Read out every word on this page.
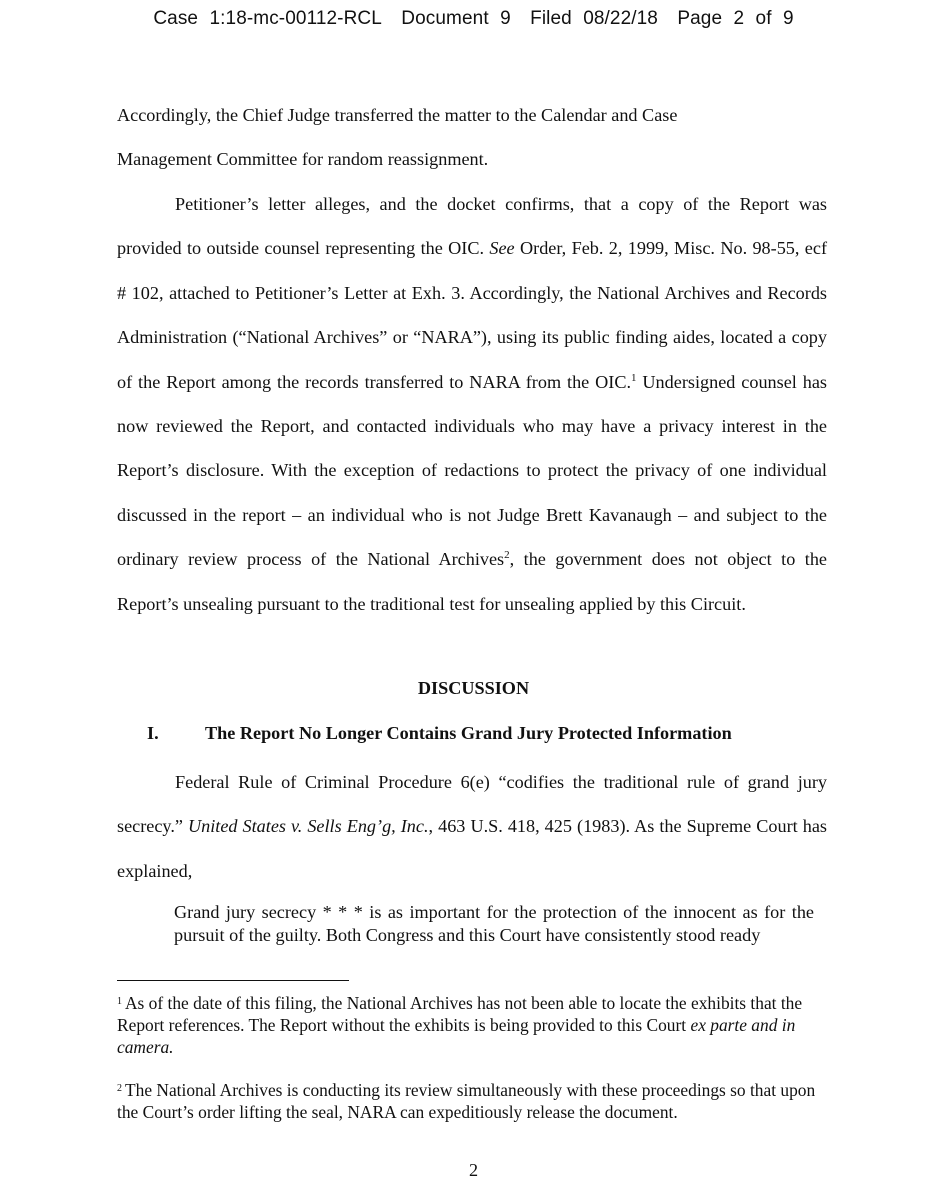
Case 1:18-mc-00112-RCL Document 9 Filed 08/22/18 Page 2 of 9
Accordingly, the Chief Judge transferred the matter to the Calendar and Case
Management Committee for random reassignment.

Petitioner’s letter alleges, and the docket confirms, that a copy of the Report was provided to outside counsel representing the OIC. See Order, Feb. 2, 1999, Misc. No. 98-55, ecf # 102, attached to Petitioner’s Letter at Exh. 3. Accordingly, the National Archives and Records Administration (“National Archives” or “NARA”), using its public finding aides, located a copy of the Report among the records transferred to NARA from the OIC.$^1$ Undersigned counsel has now reviewed the Report, and contacted individuals who may have a privacy interest in the Report’s disclosure. With the exception of redactions to protect the privacy of one individual discussed in the report – an individual who is not Judge Brett Kavanaugh – and subject to the ordinary review process of the National Archives$^2$, the government does not object to the Report’s unsealing pursuant to the traditional test for unsealing applied by this Circuit.

DISCUSSION
I.	The Report No Longer Contains Grand Jury Protected Information

Federal Rule of Criminal Procedure 6(e) “codifies the traditional rule of grand jury secrecy.” United States v. Sells Eng’g, Inc., 463 U.S. 418, 425 (1983). As the Supreme Court has explained,

Grand jury secrecy * * * is as important for the protection of the innocent as for the pursuit of the guilty. Both Congress and this Court have consistently stood ready
$^1$ As of the date of this filing, the National Archives has not been able to locate the exhibits that the Report references. The Report without the exhibits is being provided to this Court ex parte and in camera.
$^2$ The National Archives is conducting its review simultaneously with these proceedings so that upon the Court’s order lifting the seal, NARA can expeditiously release the document.
2
